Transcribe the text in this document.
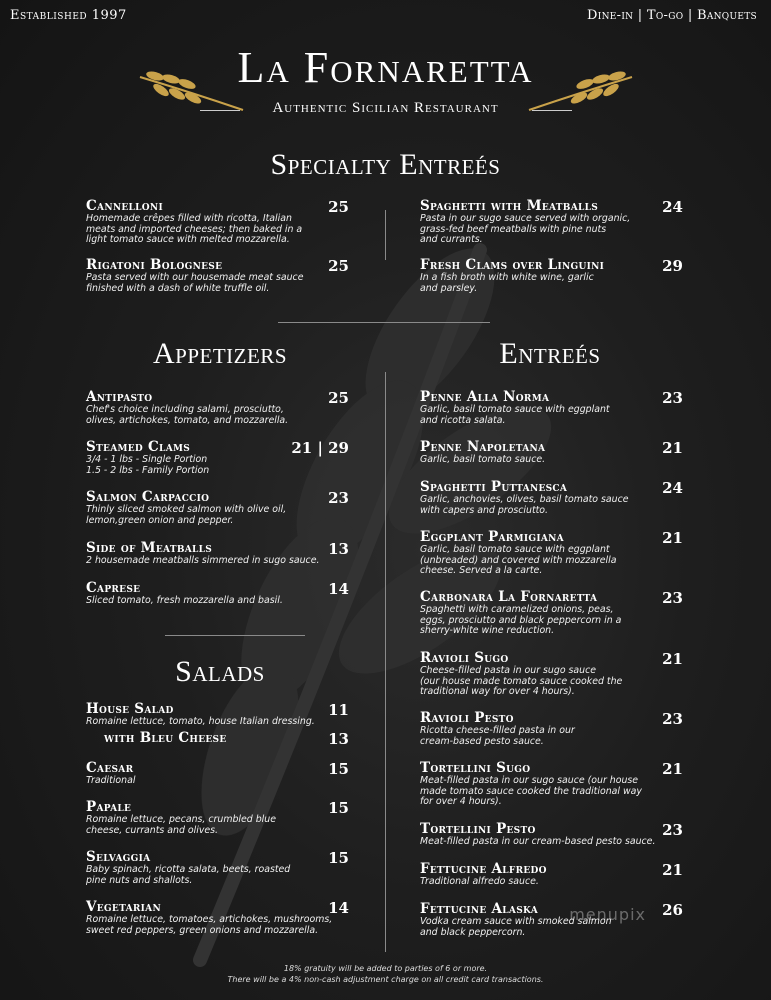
Established 1997	Dine-in | To-go | Banquets
La Fornaretta
Authentic Sicilian Restaurant
Specialty Entreés
Cannelloni
Homemade crêpes filled with ricotta, Italian
meats and imported cheeses; then baked in a
light tomato sauce with melted mozzarella.
25
Rigatoni Bolognese
Pasta served with our housemade meat sauce
finished with a dash of white truffle oil.
25
Spaghetti with Meatballs
Pasta in our sugo sauce served with organic,
grass-fed beef meatballs with pine nuts
and currants.
24
Fresh Clams over Linguini
In a fish broth with white wine, garlic
and parsley.
29
Appetizers	Entreés
Antipasto
Chef's choice including salami, prosciutto,
olives, artichokes, tomato, and mozzarella.
25
Steamed Clams
3/4 - 1 lbs - Single Portion
1.5 - 2 lbs - Family Portion
21 | 29
Salmon Carpaccio
Thinly sliced smoked salmon with olive oil,
lemon,green onion and pepper.
23
Side of Meatballs
2 housemade meatballs simmered in sugo sauce.
13
Caprese
Sliced tomato, fresh mozzarella and basil.
14
Salads
House Salad
Romaine lettuce, tomato, house Italian dressing.
11
with Bleu Cheese	13
Caesar
Traditional
15
Papale
Romaine lettuce, pecans, crumbled blue
cheese, currants and olives.
15
Selvaggia
Baby spinach, ricotta salata, beets, roasted
pine nuts and shallots.
15
Vegetarian
Romaine lettuce, tomatoes, artichokes, mushrooms,
sweet red peppers, green onions and mozzarella.
14
Penne Alla Norma
Garlic, basil tomato sauce with eggplant
and ricotta salata.
23
Penne Napoletana
Garlic, basil tomato sauce.
21
Spaghetti Puttanesca
Garlic, anchovies, olives, basil tomato sauce
with capers and prosciutto.
24
Eggplant Parmigiana
Garlic, basil tomato sauce with eggplant
(unbreaded) and covered with mozzarella
cheese. Served a la carte.
21
Carbonara La Fornaretta
Spaghetti with caramelized onions, peas,
eggs, prosciutto and black peppercorn in a
sherry-white wine reduction.
23
Ravioli Sugo
Cheese-filled pasta in our sugo sauce
(our house made tomato sauce cooked the
traditional way for over 4 hours).
21
Ravioli Pesto
Ricotta cheese-filled pasta in our
cream-based pesto sauce.
23
Tortellini Sugo
Meat-filled pasta in our sugo sauce (our house
made tomato sauce cooked the traditional way
for over 4 hours).
21
Tortellini Pesto
Meat-filled pasta in our cream-based pesto sauce.
23
Fettucine Alfredo
Traditional alfredo sauce.
21
Fettucine Alaska
Vodka cream sauce with smoked salmon
and black peppercorn.
26
menupix
18% gratuity will be added to parties of 6 or more.
There will be a 4% non-cash adjustment charge on all credit card transactions.
